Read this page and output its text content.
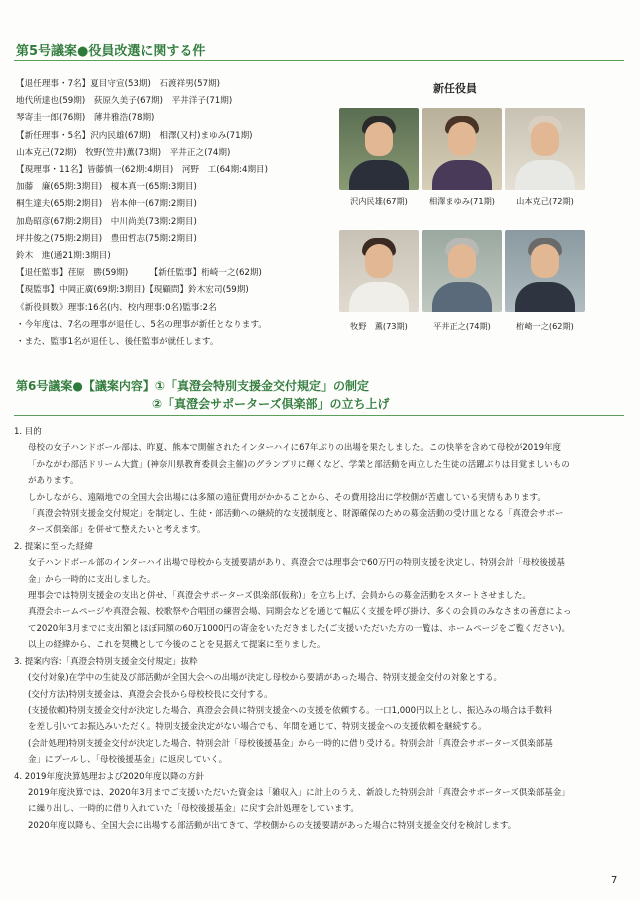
第5号議案●役員改選に関する件
【退任理事・7名】夏目守宣(53期)　石渡祥男(57期)
地代所達也(59期)　荻原久美子(67期)　平井洋子(71期)
琴寄圭一郎(76期)　薄井雅浩(78期)
【新任理事・5名】沢内民雄(67期)　相澤(又村)まゆみ(71期)
山本克己(72期)　牧野(笠井)薫(73期)　平井正之(74期)
【現理事・11名】皆藤慎一(62期:4期目)　河野　工(64期:4期目)
加藤　廉(65期:3期目)　榎本真一(65期:3期目)
桐生達夫(65期:2期目)　岩本伸一(67期:2期目)
加島昭彦(67期:2期目)　中川尚美(73期:2期目)
坪井俊之(75期:2期目)　豊田哲志(75期:2期目)
鈴木　進(通21期:3期目)
【退任監事】荏原　勝(59期)　　　【新任監事】桁崎一之(62期)
【現監事】中岡正廣(69期:3期目)【現顧問】鈴木宏司(59期)
《新役員数》理事:16名(内、校内理事:0名)監事:2名
・今年度は、7名の理事が退任し、5名の理事が新任となります。
・また、監事1名が退任し、後任監事が就任します。
新任役員
沢内民雄(67期)	相澤まゆみ(71期)	山本克己(72期)
牧野　薫(73期)	平井正之(74期)	桁崎一之(62期)
第6号議案●【議案内容】①「真澄会特別支援金交付規定」の制定
②「真澄会サポーターズ倶楽部」の立ち上げ
1. 目的
母校の女子ハンドボール部は、昨夏、熊本で開催されたインターハイに67年ぶりの出場を果たしました。この快挙を含めて母校が2019年度
「かながわ部活ドリーム大賞」(神奈川県教育委員会主催)のグランプリに輝くなど、学業と部活動を両立した生徒の活躍ぶりは目覚ましいもの
があります。
しかしながら、遠隔地での全国大会出場には多額の遠征費用がかかることから、その費用捻出に学校側が苦慮している実情もあります。
「真澄会特別支援金交付規定」を制定し、生徒・部活動への継続的な支援制度と、財源確保のための募金活動の受け皿となる「真澄会サポー
ターズ倶楽部」を併せて整えたいと考えます。
2. 提案に至った経緯
女子ハンドボール部のインターハイ出場で母校から支援要請があり、真澄会では理事会で60万円の特別支援を決定し、特別会計「母校後援基
金」から一時的に支出しました。
理事会では特別支援金の支出と併せ、「真澄会サポーターズ倶楽部(仮称)」を立ち上げ、会員からの募金活動をスタートさせました。
真澄会ホームページや真澄会報、校歌祭や合唱団の練習会場、同期会などを通じて幅広く支援を呼び掛け、多くの会員のみなさまの善意によっ
て2020年3月までに支出額とほぼ同額の60万1000円の寄金をいただきました(ご支援いただいた方の一覧は、ホームページをご覧ください)。
以上の経緯から、これを契機として今後のことを見据えて提案に至りました。
3. 提案内容:「真澄会特別支援金交付規定」抜粋
(交付対象)在学中の生徒及び部活動が全国大会への出場が決定し母校から要請があった場合、特別支援金交付の対象とする。
(交付方法)特別支援金は、真澄会会長から母校校長に交付する。
(支援依頼)特別支援金交付が決定した場合、真澄会会員に特別支援金への支援を依頼する。一口1,000円以上とし、振込みの場合は手数料
を差し引いてお振込みいただく。特別支援金決定がない場合でも、年間を通じて、特別支援金への支援依頼を継続する。
(会計処理)特別支援金交付が決定した場合、特別会計「母校後援基金」から一時的に借り受ける。特別会計「真澄会サポーターズ倶楽部基
金」にプールし、「母校後援基金」に返戻していく。
4. 2019年度決算処理および2020年度以降の方針
2019年度決算では、2020年3月までご支援いただいた資金は「雑収入」に計上のうえ、新設した特別会計「真澄会サポーターズ倶楽部基金」
に繰り出し、一時的に借り入れていた「母校後援基金」に戻す会計処理をしています。
2020年度以降も、全国大会に出場する部活動が出てきて、学校側からの支援要請があった場合に特別支援金交付を検討します。
7
